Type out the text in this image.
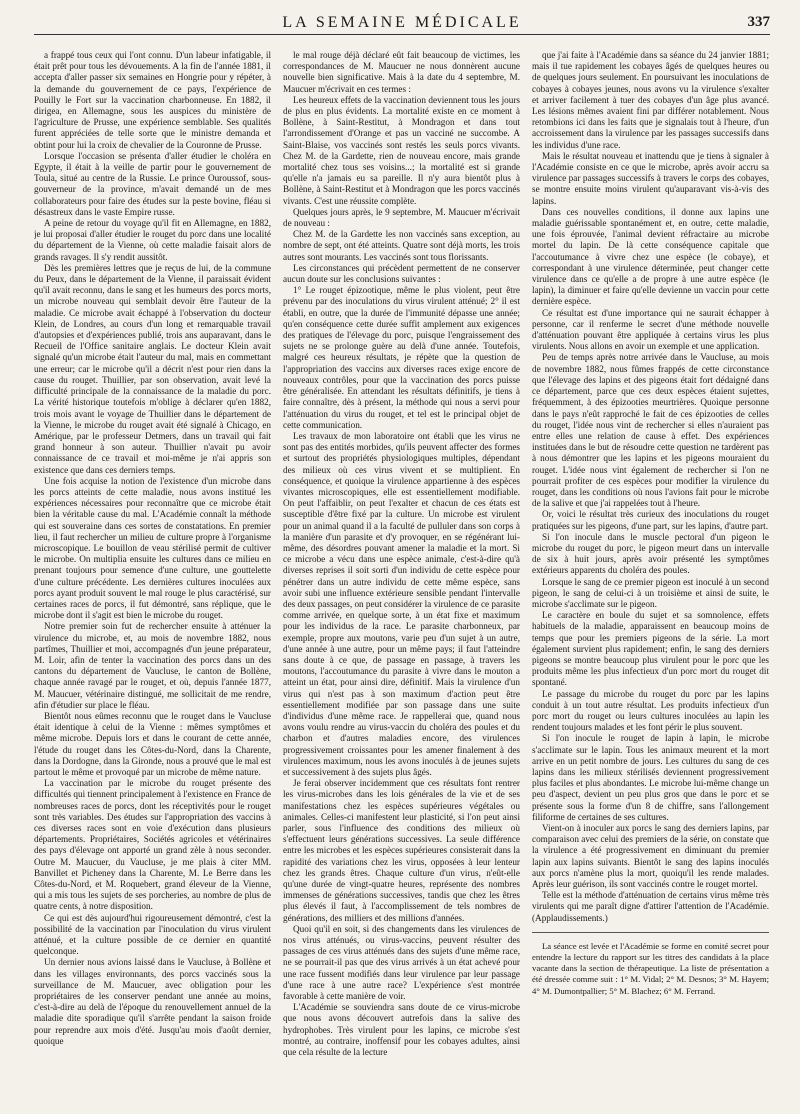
LA SEMAINE MÉDICALE	337

a frappé tous ceux qui l'ont connu. D'un labeur infatigable, il était prêt pour tous les dévouements. A la fin de l'année 1881, il accepta d'aller passer six semaines en Hongrie pour y répéter, à la demande du gouvernement de ce pays, l'expérience de Pouilly le Fort sur la vaccination charbonneuse. En 1882, il dirigea, en Allemagne, sous les auspices du ministère de l'agriculture de Prusse, une expérience semblable. Ses qualités furent appréciées de telle sorte que le ministre demanda et obtint pour lui la croix de chevalier de la Couronne de Prusse.

Lorsque l'occasion se présenta d'aller étudier le choléra en Egypte, il était à la veille de partir pour le gouvernement de Toula, situé au centre de la Russie. Le prince Ouroussof, sous-gouverneur de la province, m'avait demandé un de mes collaborateurs pour faire des études sur la peste bovine, fléau si désastreux dans le vaste Empire russe.

A peine de retour du voyage qu'il fit en Allemagne, en 1882, je lui proposai d'aller étudier le rouget du porc dans une localité du département de la Vienne, où cette maladie faisait alors de grands ravages. Il s'y rendit aussitôt.

Dès les premières lettres que je reçus de lui, de la commune du Peux, dans le département de la Vienne, il paraissait évident qu'il avait reconnu, dans le sang et les humeurs des porcs morts, un microbe nouveau qui semblait devoir être l'auteur de la maladie. Ce microbe avait échappé à l'observation du docteur Klein, de Londres, au cours d'un long et remarquable travail d'autopsies et d'expériences publié, trois ans auparavant, dans le Recueil de l'Office sanitaire anglais. Le docteur Klein avait signalé qu'un microbe était l'auteur du mal, mais en commettant une erreur; car le microbe qu'il a décrit n'est pour rien dans la cause du rouget. Thuillier, par son observation, avait levé la difficulté principale de la connaissance de la maladie du porc. La vérité historique toutefois m'oblige à déclarer qu'en 1882, trois mois avant le voyage de Thuillier dans le département de la Vienne, le microbe du rouget avait été signalé à Chicago, en Amérique, par le professeur Detmers, dans un travail qui fait grand honneur à son auteur. Thuillier n'avait pu avoir connaissance de ce travail et moi-même je n'ai appris son existence que dans ces derniers temps.

Une fois acquise la notion de l'existence d'un microbe dans les porcs atteints de cette maladie, nous avons institué les expériences nécessaires pour reconnaître que ce microbe était bien la véritable cause du mal. L'Académie connaît la méthode qui est souveraine dans ces sortes de constatations. En premier lieu, il faut rechercher un milieu de culture propre à l'organisme microscopique. Le bouillon de veau stérilisé permit de cultiver le microbe. On multiplia ensuite les cultures dans ce milieu en prenant toujours pour semence d'une culture, une gouttelette d'une culture précédente. Les dernières cultures inoculées aux porcs ayant produit souvent le mal rouge le plus caractérisé, sur certaines races de porcs, il fut démontré, sans réplique, que le microbe dont il s'agit est bien le microbe du rouget.

Notre premier soin fut de rechercher ensuite à atténuer la virulence du microbe, et, au mois de novembre 1882, nous partîmes, Thuillier et moi, accompagnés d'un jeune préparateur, M. Loir, afin de tenter la vaccination des porcs dans un des cantons du département de Vaucluse, le canton de Bollène, chaque année ravagé par le rouget, et où, depuis l'année 1877, M. Maucuer, vétérinaire distingué, me sollicitait de me rendre, afin d'étudier sur place le fléau.

Bientôt nous eûmes reconnu que le rouget dans le Vaucluse était identique à celui de la Vienne : mêmes symptômes et même microbe. Depuis lors et dans le courant de cette année, l'étude du rouget dans les Côtes-du-Nord, dans la Charente, dans la Dordogne, dans la Gironde, nous a prouvé que le mal est partout le même et provoqué par un microbe de même nature.

La vaccination par le microbe du rouget présente des difficultés qui tiennent principalement à l'existence en France de nombreuses races de porcs, dont les réceptivités pour le rouget sont très variables. Des études sur l'appropriation des vaccins à ces diverses races sont en voie d'exécution dans plusieurs départements. Propriétaires, Sociétés agricoles et vétérinaires des pays d'élevage ont apporté un grand zèle à nous seconder. Outre M. Maucuer, du Vaucluse, je me plais à citer MM. Banvillet et Picheney dans la Charente, M. Le Berre dans les Côtes-du-Nord, et M. Roquebert, grand éleveur de la Vienne, qui a mis tous les sujets de ses porcheries, au nombre de plus de quatre cents, à notre disposition.

Ce qui est dès aujourd'hui rigoureusement démontré, c'est la possibilité de la vaccination par l'inoculation du virus virulent atténué, et la culture possible de ce dernier en quantité quelconque.

Un dernier nous avions laissé dans le Vaucluse, à Bollène et dans les villages environnants, des porcs vaccinés sous la surveillance de M. Maucuer, avec obligation pour les propriétaires de les conserver pendant une année au moins, c'est-à-dire au delà de l'époque du renouvellement annuel de la maladie dite sporadique qu'il s'arrête pendant la saison froide pour reprendre aux mois d'été. Jusqu'au mois d'août dernier, quoique

le mal rouge déjà déclaré eût fait beaucoup de victimes, les correspondances de M. Maucuer ne nous donnèrent aucune nouvelle bien significative. Mais à la date du 4 septembre, M. Maucuer m'écrivait en ces termes :

Les heureux effets de la vaccination deviennent tous les jours de plus en plus évidents. La mortalité existe en ce moment à Bollène, à Saint-Restitut, à Mondragon et dans tout l'arrondissement d'Orange et pas un vacciné ne succombe. A Saint-Blaise, vos vaccinés sont restés les seuls porcs vivants. Chez M. de la Gardette, rien de nouveau encore, mais grande mortalité chez tous ses voisins...; la mortalité est si grande qu'elle n'a jamais eu sa pareille. Il n'y aura bientôt plus à Bollène, à Saint-Restitut et à Mondragon que les porcs vaccinés vivants. C'est une réussite complète.

Quelques jours après, le 9 septembre, M. Maucuer m'écrivait de nouveau :

Chez M. de la Gardette les non vaccinés sans exception, au nombre de sept, ont été atteints. Quatre sont déjà morts, les trois autres sont mourants. Les vaccinés sont tous florissants.

Les circonstances qui précèdent permettent de ne conserver aucun doute sur les conclusions suivantes :

1° Le rouget épizootique, même le plus violent, peut être prévenu par des inoculations du virus virulent atténué; 2° il est établi, en outre, que la durée de l'immunité dépasse une année; qu'en conséquence cette durée suffit amplement aux exigences des pratiques de l'élevage du porc, puisque l'engraissement des sujets ne se prolonge guère au delà d'une année. Toutefois, malgré ces heureux résultats, je répète que la question de l'appropriation des vaccins aux diverses races exige encore de nouveaux contrôles, pour que la vaccination des porcs puisse être généralisée. En attendant les résultats définitifs, je tiens à faire connaître, dès à présent, la méthode qui nous a servi pour l'atténuation du virus du rouget, et tel est le principal objet de cette communication.

Les travaux de mon laboratoire ont établi que les virus ne sont pas des entités morbides, qu'ils peuvent affecter des formes et surtout des propriétés physiologiques multiples, dépendant des milieux où ces virus vivent et se multiplient. En conséquence, et quoique la virulence appartienne à des espèces vivantes microscopiques, elle est essentiellement modifiable. On peut l'affaiblir, on peut l'exalter et chacun de ces états est susceptible d'être fixé par la culture. Un microbe est virulent pour un animal quand il a la faculté de pulluler dans son corps à la manière d'un parasite et d'y provoquer, en se régénérant lui-même, des désordres pouvant amener la maladie et la mort. Si ce microbe a vécu dans une espèce animale, c'est-à-dire qu'à diverses reprises il soit sorti d'un individu de cette espèce pour pénétrer dans un autre individu de cette même espèce, sans avoir subi une influence extérieure sensible pendant l'intervalle des deux passages, on peut considérer la virulence de ce parasite comme arrivée, en quelque sorte, à un état fixe et maximum pour les individus de la race. Le parasite charbonneux, par exemple, propre aux moutons, varie peu d'un sujet à un autre, d'une année à une autre, pour un même pays; il faut l'atteindre sans doute à ce que, de passage en passage, à travers les moutons, l'accoutumance du parasite à vivre dans le mouton a atteint un état, pour ainsi dire, définitif. Mais la virulence d'un virus qui n'est pas à son maximum d'action peut être essentiellement modifiée par son passage dans une suite d'individus d'une même race. Je rappellerai que, quand nous avons voulu rendre au virus-vaccin du choléra des poules et du charbon et d'autres maladies encore, des virulences progressivement croissantes pour les amener finalement à des virulences maximum, nous les avons inoculés à de jeunes sujets et successivement à des sujets plus âgés.

Je ferai observer incidemment que ces résultats font rentrer les virus-microbes dans les lois générales de la vie et de ses manifestations chez les espèces supérieures végétales ou animales. Celles-ci manifestent leur plasticité, si l'on peut ainsi parler, sous l'influence des conditions des milieux où s'effectuent leurs générations successives. La seule différence entre les microbes et les espèces supérieures consisterait dans la rapidité des variations chez les virus, opposées à leur lenteur chez les grands êtres. Chaque culture d'un virus, n'eût-elle qu'une durée de vingt-quatre heures, représente des nombres immenses de générations successives, tandis que chez les êtres plus élevés il faut, à l'accomplissement de tels nombres de générations, des milliers et des millions d'années.

Quoi qu'il en soit, si des changements dans les virulences de nos virus atténués, ou virus-vaccins, peuvent résulter des passages de ces virus atténués dans des sujets d'une même race, ne se pourrait-il pas que des virus arrivés à un état achevé pour une race fussent modifiés dans leur virulence par leur passage d'une race à une autre race? L'expérience s'est montrée favorable à cette manière de voir.

L'Académie se souviendra sans doute de ce virus-microbe que nous avons découvert autrefois dans la salive des hydrophobes. Très virulent pour les lapins, ce microbe s'est montré, au contraire, inoffensif pour les cobayes adultes, ainsi que cela résulte de la lecture

que j'ai faite à l'Académie dans sa séance du 24 janvier 1881; mais il tue rapidement les cobayes âgés de quelques heures ou de quelques jours seulement. En poursuivant les inoculations de cobayes à cobayes jeunes, nous avons vu la virulence s'exalter et arriver facilement à tuer des cobayes d'un âge plus avancé. Les lésions mêmes avaient fini par différer notablement. Nous retombions ici dans les faits que je signalais tout à l'heure, d'un accroissement dans la virulence par les passages successifs dans les individus d'une race.

Mais le résultat nouveau et inattendu que je tiens à signaler à l'Académie consiste en ce que le microbe, après avoir accru sa virulence par passages successifs à travers le corps des cobayes, se montre ensuite moins virulent qu'auparavant vis-à-vis des lapins.

Dans ces nouvelles conditions, il donne aux lapins une maladie guérissable spontanément et, en outre, cette maladie, une fois éprouvée, l'animal devient réfractaire au microbe mortel du lapin. De là cette conséquence capitale que l'accoutumance à vivre chez une espèce (le cobaye), et correspondant à une virulence déterminée, peut changer cette virulence dans ce qu'elle a de propre à une autre espèce (le lapin), la diminuer et faire qu'elle devienne un vaccin pour cette dernière espèce.

Ce résultat est d'une importance qui ne saurait échapper à personne, car il renferme le secret d'une méthode nouvelle d'atténuation pouvant être appliquée à certains virus les plus virulents. Nous allons en avoir un exemple et une application.

Peu de temps après notre arrivée dans le Vaucluse, au mois de novembre 1882, nous fûmes frappés de cette circonstance que l'élevage des lapins et des pigeons était fort dédaigné dans ce département, parce que ces deux espèces étaient sujettes, fréquemment, à des épizooties meurtrières. Quoique personne dans le pays n'eût rapproché le fait de ces épizooties de celles du rouget, l'idée nous vint de rechercher si elles n'auraient pas entre elles une relation de cause à effet. Des expériences instituées dans le but de résoudre cette question ne tardèrent pas à nous démontrer que les lapins et les pigeons mouraient du rouget. L'idée nous vint également de rechercher si l'on ne pourrait profiter de ces espèces pour modifier la virulence du rouget, dans les conditions où nous l'avions fait pour le microbe de la salive et que j'ai rappelées tout à l'heure.

Or, voici le résultat très curieux des inoculations du rouget pratiquées sur les pigeons, d'une part, sur les lapins, d'autre part.

Si l'on inocule dans le muscle pectoral d'un pigeon le microbe du rouget du porc, le pigeon meurt dans un intervalle de six à huit jours, après avoir présenté les symptômes extérieurs apparents du choléra des poules.

Lorsque le sang de ce premier pigeon est inoculé à un second pigeon, le sang de celui-ci à un troisième et ainsi de suite, le microbe s'acclimate sur le pigeon.

Le caractère en boule du sujet et sa somnolence, effets habituels de la maladie, apparaissent en beaucoup moins de temps que pour les premiers pigeons de la série. La mort également survient plus rapidement; enfin, le sang des derniers pigeons se montre beaucoup plus virulent pour le porc que les produits même les plus infectieux d'un porc mort du rouget dit spontané.

Le passage du microbe du rouget du porc par les lapins conduit à un tout autre résultat. Les produits infectieux d'un porc mort du rouget ou leurs cultures inoculées au lapin les rendent toujours malades et les font périr le plus souvent.

Si l'on inocule le rouget de lapin à lapin, le microbe s'acclimate sur le lapin. Tous les animaux meurent et la mort arrive en un petit nombre de jours. Les cultures du sang de ces lapins dans les milieux stérilisés deviennent progressivement plus faciles et plus abondantes. Le microbe lui-même change un peu d'aspect, devient un peu plus gros que dans le porc et se présente sous la forme d'un 8 de chiffre, sans l'allongement filiforme de certaines de ses cultures.

Vient-on à inoculer aux porcs le sang des derniers lapins, par comparaison avec celui des premiers de la série, on constate que la virulence a été progressivement en diminuant du premier lapin aux lapins suivants. Bientôt le sang des lapins inoculés aux porcs n'amène plus la mort, quoiqu'il les rende malades. Après leur guérison, ils sont vaccinés contre le rouget mortel.

Telle est la méthode d'atténuation de certains virus même très virulents qui me paraît digne d'attirer l'attention de l'Académie. (Applaudissements.)

La séance est levée et l'Académie se forme en comité secret pour entendre la lecture du rapport sur les titres des candidats à la place vacante dans la section de thérapeutique. La liste de présentation a été dressée comme suit : 1° M. Vidal; 2° M. Desnos; 3° M. Hayem; 4° M. Dumontpallier; 5° M. Blachez; 6° M. Ferrand.
